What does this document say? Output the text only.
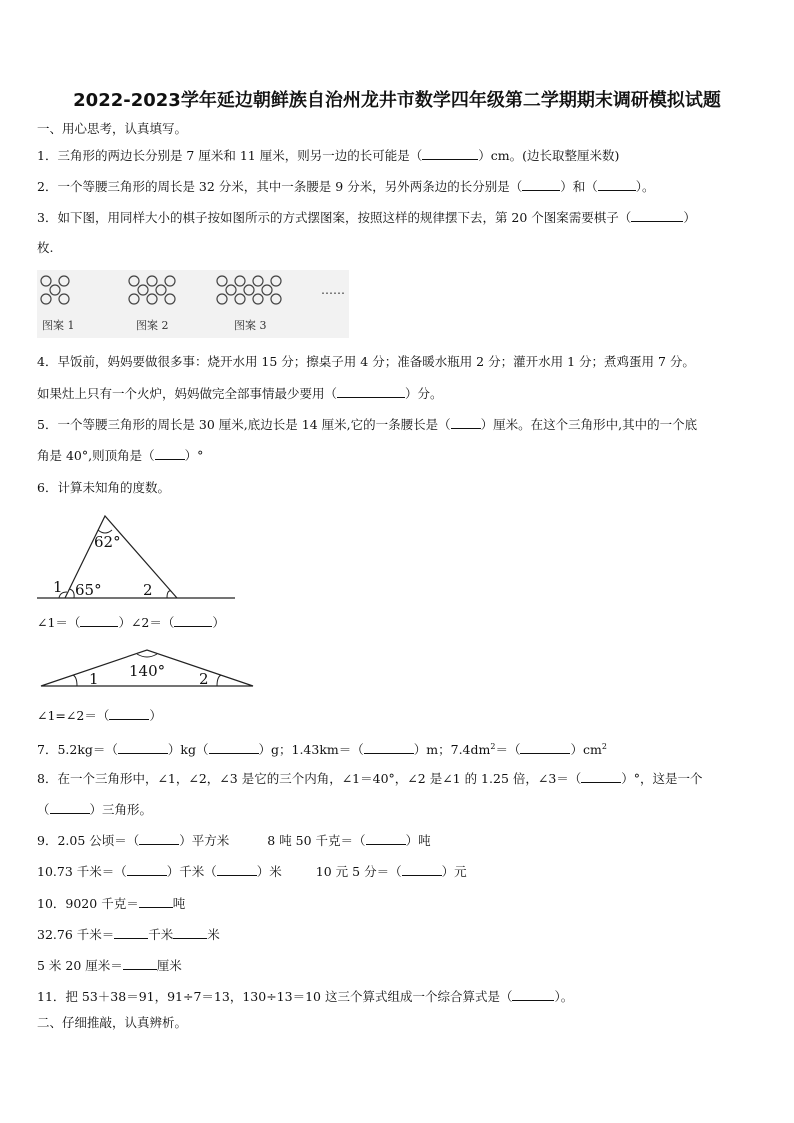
2022-2023学年延边朝鲜族自治州龙井市数学四年级第二学期期末调研模拟试题
一、用心思考，认真填写。
1．三角形的两边长分别是 7 厘米和 11 厘米，则另一边的长可能是（	）cm。(边长取整厘米数)
2．一个等腰三角形的周长是 32 分米，其中一条腰是 9 分米，另外两条边的长分别是（	）和（	）。
3．如下图，用同样大小的棋子按如图所示的方式摆图案，按照这样的规律摆下去，第 20 个图案需要棋子（	）
枚.
……
图案 1	图案 2	图案 3
4．早饭前，妈妈要做很多事：烧开水用 15 分；擦桌子用 4 分；准备暖水瓶用 2 分；灌开水用 1 分；煮鸡蛋用 7 分。
如果灶上只有一个火炉，妈妈做完全部事情最少要用（	）分。
5．一个等腰三角形的周长是 30 厘米,底边长是 14 厘米,它的一条腰长是（ ）厘米。在这个三角形中,其中的一个底
角是 40°,则顶角是（ ）°
6．计算未知角的度数。
62°
1 65°	2
∠1＝（	）∠2＝（	）
140°
1	2
∠1=∠2＝（	）
7．5.2kg＝（	）kg（	）g；1.43km＝（	）m；$7.4dm^2=$（	）$cm^2$
8．在一个三角形中，∠1，∠2，∠3 是它的三个内角，∠1＝40°，∠2 是∠1 的 1.25 倍，∠3＝（	）°，这是一个
（	）三角形。
9．2.05 公顷＝（	）平方米	8 吨 50 千克＝（	）吨
10.73 千米＝（	）千米（	）米	10 元 5 分＝（	）元
10．9020 千克＝	吨
32.76 千米＝	千米	米
5 米 20 厘米＝	厘米
11．把 53＋38＝91，91÷7＝13，130÷13＝10 这三个算式组成一个综合算式是（	）。
二、仔细推敲，认真辨析。
